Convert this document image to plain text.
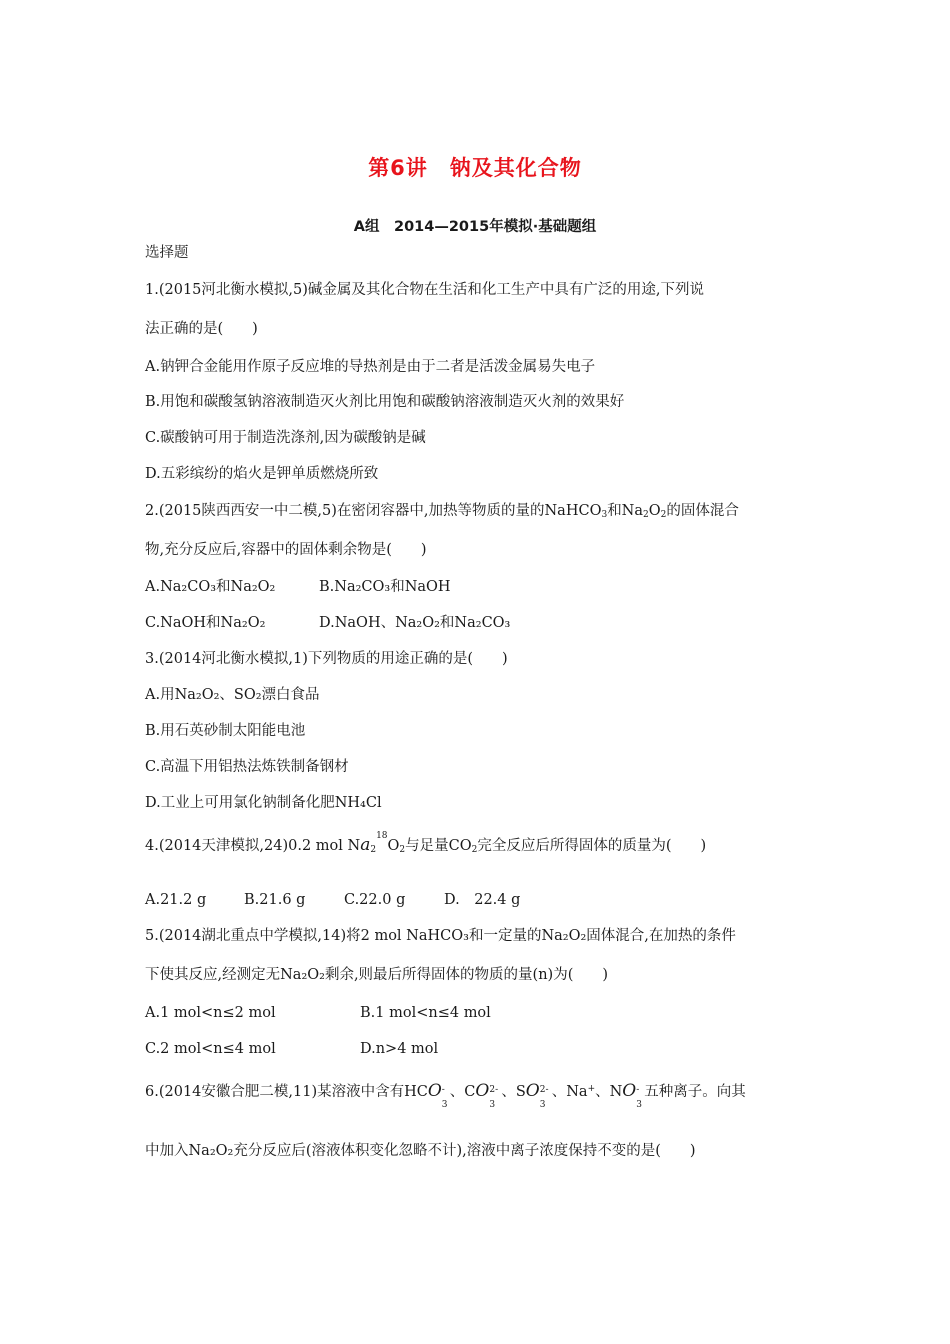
第6讲　钠及其化合物
A组　2014—2015年模拟·基础题组
选择题
1.(2015河北衡水模拟,5)碱金属及其化合物在生活和化工生产中具有广泛的用途,下列说
法正确的是(　　)
A.钠钾合金能用作原子反应堆的导热剂是由于二者是活泼金属易失电子
B.用饱和碳酸氢钠溶液制造灭火剂比用饱和碳酸钠溶液制造灭火剂的效果好
C.碳酸钠可用于制造洗涤剂,因为碳酸钠是碱
D.五彩缤纷的焰火是钾单质燃烧所致
2.(2015陕西西安一中二模,5)在密闭容器中,加热等物质的量的NaHCO$_3$和$Na_2O_2$的固体混合
物,充分反应后,容器中的固体剩余物是(　　)
A.Na₂CO₃和Na₂O₂	B.Na₂CO₃和NaOH
C.NaOH和Na₂O₂	D.NaOH、Na₂O₂和Na₂CO₃
3.(2014河北衡水模拟,1)下列物质的用途正确的是(　　)
A.用Na₂O₂、SO₂漂白食品
B.用石英砂制太阳能电池
C.高温下用铝热法炼铁制备钢材
D.工业上可用氯化钠制备化肥NH₄Cl
4.(2014天津模拟,24)0.2 mol $Na_2^{18}O_2$与足量$CO_2$完全反应后所得固体的质量为(　　)
A.21.2 g	B.21.6 g	C.22.0 g	D.　22.4 g
5.(2014湖北重点中学模拟,14)将2 mol NaHCO₃和一定量的Na₂O₂固体混合,在加热的条件
下使其反应,经测定无Na₂O₂剩余,则最后所得固体的物质的量(n)为(　　)
A.1 mol<n≤2 mol	B.1 mol<n≤4 mol
C.2 mol<n≤4 mol	D.n>4 mol
6.(2014安徽合肥二模,11)某溶液中含有HCO -
3
、CO 2-
3
、SO 2-
3
、Na+、NO -
3
五种离子。向其
中加入Na₂O₂充分反应后(溶液体积变化忽略不计),溶液中离子浓度保持不变的是(　　)
